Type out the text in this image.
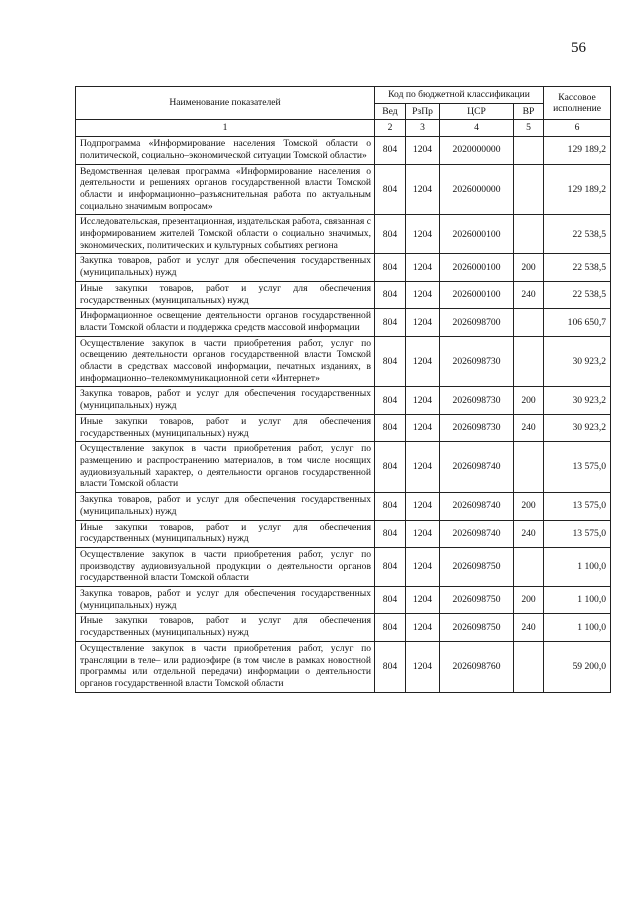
56
Наименование показателей	Код по бюджетной классификации				Кассовое исполнение
	Вед	РзПр	ЦСР	ВР	
1	2	3	4	5	6
Подпрограмма «Информирование населения Томской области о политической, социально–экономической ситуации Томской области»	804	1204	2020000000		129 189,2
Ведомственная целевая программа «Информирование населения о деятельности и решениях органов государственной власти Томской области и информационно–разъяснительная работа по актуальным социально значимым вопросам»	804	1204	2026000000		129 189,2
Исследовательская, презентационная, издательская работа, связанная с информированием жителей Томской области о социально значимых, экономических, политических и культурных событиях региона	804	1204	2026000100		22 538,5
Закупка товаров, работ и услуг для обеспечения государственных (муниципальных) нужд	804	1204	2026000100	200	22 538,5
Иные закупки товаров, работ и услуг для обеспечения государственных (муниципальных) нужд	804	1204	2026000100	240	22 538,5
Информационное освещение деятельности органов государственной власти Томской области и поддержка средств массовой информации	804	1204	2026098700		106 650,7
Осуществление закупок в части приобретения работ, услуг по освещению деятельности органов государственной власти Томской области в средствах массовой информации, печатных изданиях, в информационно–телекоммуникационной сети «Интернет»	804	1204	2026098730		30 923,2
Закупка товаров, работ и услуг для обеспечения государственных (муниципальных) нужд	804	1204	2026098730	200	30 923,2
Иные закупки товаров, работ и услуг для обеспечения государственных (муниципальных) нужд	804	1204	2026098730	240	30 923,2
Осуществление закупок в части приобретения работ, услуг по размещению и распространению материалов, в том числе носящих аудиовизуальный характер, о деятельности органов государственной власти Томской области	804	1204	2026098740		13 575,0
Закупка товаров, работ и услуг для обеспечения государственных (муниципальных) нужд	804	1204	2026098740	200	13 575,0
Иные закупки товаров, работ и услуг для обеспечения государственных (муниципальных) нужд	804	1204	2026098740	240	13 575,0
Осуществление закупок в части приобретения работ, услуг по производству аудиовизуальной продукции о деятельности органов государственной власти Томской области	804	1204	2026098750		1 100,0
Закупка товаров, работ и услуг для обеспечения государственных (муниципальных) нужд	804	1204	2026098750	200	1 100,0
Иные закупки товаров, работ и услуг для обеспечения государственных (муниципальных) нужд	804	1204	2026098750	240	1 100,0
Осуществление закупок в части приобретения работ, услуг по трансляции в теле– или радиоэфире (в том числе в рамках новостной программы или отдельной передачи) информации о деятельности органов государственной власти Томской области	804	1204	2026098760		59 200,0
